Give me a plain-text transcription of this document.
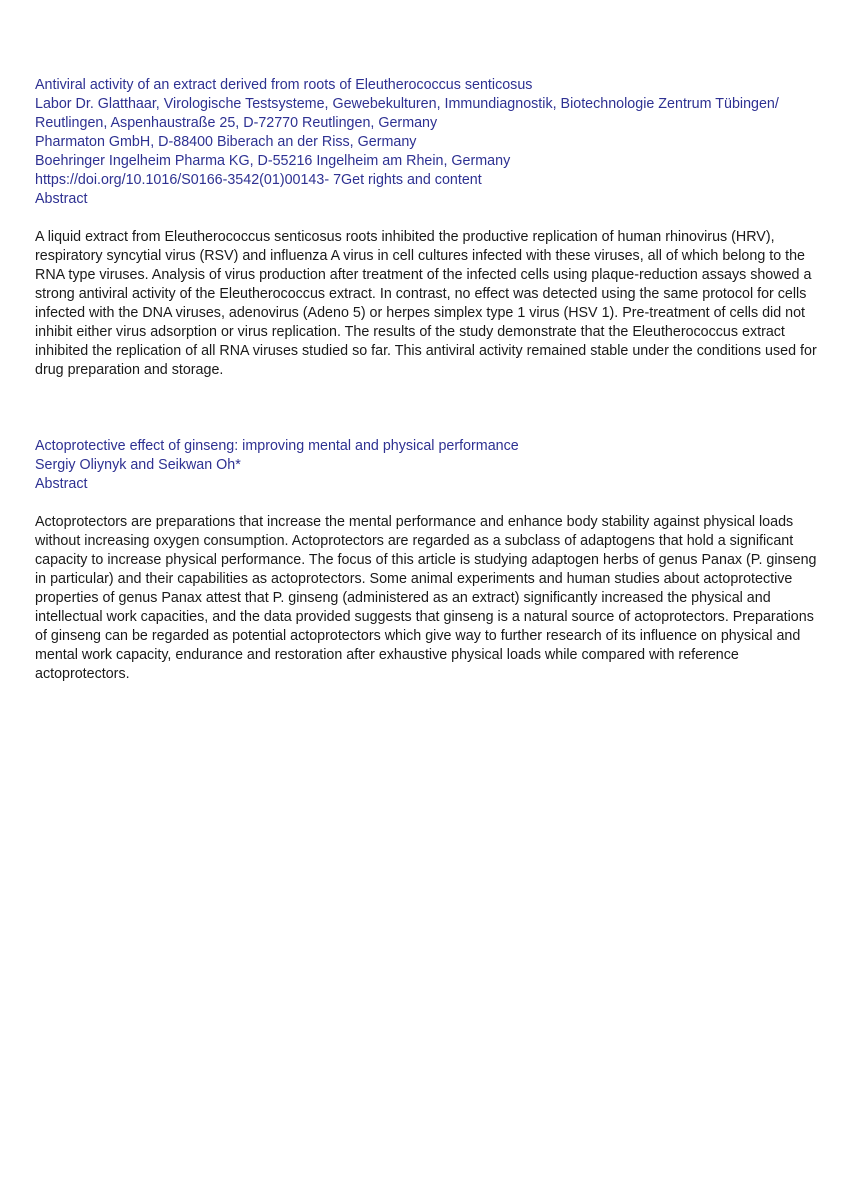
Antiviral activity of an extract derived from roots of Eleutherococcus senticosus
Labor Dr. Glatthaar, Virologische Testsysteme, Gewebekulturen, Immundiagnostik, Biotechnologie Zentrum Tübingen/
Reutlingen, Aspenhaustraße 25, D-72770 Reutlingen, Germany
Pharmaton GmbH, D-88400 Biberach an der Riss, Germany
Boehringer Ingelheim Pharma KG, D-55216 Ingelheim am Rhein, Germany
https://doi.org/10.1016/S0166-3542(01)00143- 7Get rights and content
Abstract

A liquid extract from Eleutherococcus senticosus roots inhibited the productive replication of human rhinovirus (HRV), respiratory syncytial virus (RSV) and influenza A virus in cell cultures infected with these viruses, all of which belong to the RNA type viruses. Analysis of virus production after treatment of the infected cells using plaque-reduction assays showed a strong antiviral activity of the Eleutherococcus extract. In contrast, no effect was detected using the same protocol for cells infected with the DNA viruses, adenovirus (Adeno 5) or herpes simplex type 1 virus (HSV 1). Pre-treatment of cells did not inhibit either virus adsorption or virus replication. The results of the study demonstrate that the Eleutherococcus extract inhibited the replication of all RNA viruses studied so far. This antiviral activity remained stable under the conditions used for drug preparation and storage.

Actoprotective effect of ginseng: improving mental and physical performance
Sergiy Oliynyk and Seikwan Oh*
Abstract

Actoprotectors are preparations that increase the mental performance and enhance body stability against physical loads without increasing oxygen consumption. Actoprotectors are regarded as a subclass of adaptogens that hold a significant capacity to increase physical performance. The focus of this article is studying adaptogen herbs of genus Panax (P. ginseng in particular) and their capabilities as actoprotectors. Some animal experiments and human studies about actoprotective properties of genus Panax attest that P. ginseng (administered as an extract) significantly increased the physical and intellectual work capacities, and the data provided suggests that ginseng is a natural source of actoprotectors. Preparations of ginseng can be regarded as potential actoprotectors which give way to further research of its influence on physical and mental work capacity, endurance and restoration after exhaustive physical loads while compared with reference actoprotectors.
